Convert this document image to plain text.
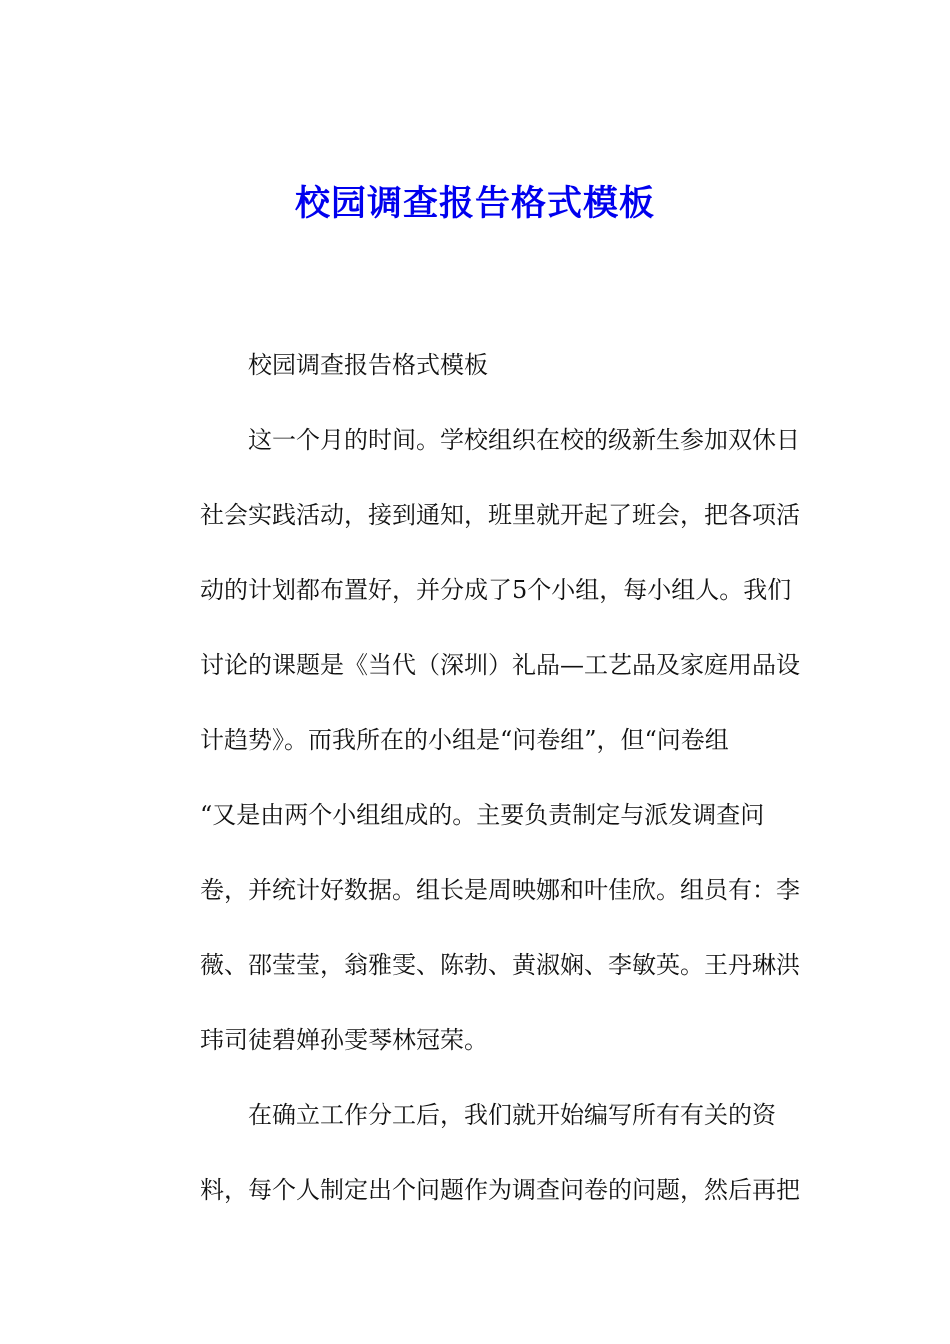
校园调查报告格式模板
校园调查报告格式模板
这一个月的时间。学校组织在校的级新生参加双休日
社会实践活动，接到通知，班里就开起了班会，把各项活
动的计划都布置好，并分成了5个小组，每小组人。我们
讨论的课题是《当代（深圳）礼品—工艺品及家庭用品设
计趋势》。而我所在的小组是“问卷组”，但“问卷组
“又是由两个小组组成的。主要负责制定与派发调查问
卷，并统计好数据。组长是周映娜和叶佳欣。组员有：李
薇、邵莹莹，翁雅雯、陈勃、黄淑娴、李敏英。王丹琳洪
玮司徒碧婵孙雯琴林冠荣。
在确立工作分工后，我们就开始编写所有有关的资
料，每个人制定出个问题作为调查问卷的问题，然后再把
